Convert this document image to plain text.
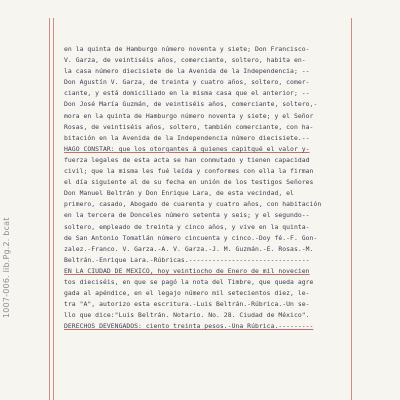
1007-006. lib.Pg.2. bcat
en la quinta de Hamburgo número noventa y siete; Don Francisco-
V. Garza, de veintiséis años, comerciante, soltero, habita en-
la casa número diecisiete de la Avenida de la Independencia; --
Don Agustín V. Garza, de treinta y cuatro años, soltero, comer-
ciante, y está domiciliado en la misma casa que el anterior; --
Don José María Guzmán, de veintiséis años, comerciante, soltero,-
mora en la quinta de Hamburgo número noventa y siete; y el Señor
Rosas, de veintiséis años, soltero, también comerciante, con ha-
bitación en la Avenida de la Independencia número diecisiete.--
HAGO CONSTAR: que los otorgantes á quienes capitqué el valor y-
fuerza legales de esta acta se han conmutado y tienen capacidad
civil; que la misma les fué leída y conformes con ella la firman
el día siguiente al de su fecha en unión de los testigos Señores
Don Manuel Beltrán y Don Enrique Lara, de esta vecindad, el
primero, casado, Abogado de cuarenta y cuatro años, con habitación
en la tercera de Donceles número setenta y seis; y el segundo--
soltero, empleado de treinta y cinco años, y vive en la quinta-
de San Antonio Tomatlán número cincuenta y cinco.-Doy fé.-F. Gon-
zalez.-Franco. V. Garza.-A. V. Garza.-J. M. Guzmán.-E. Rosas.-M.
Beltrán.-Enrique Lara.-Rúbricas.-------------------------------
EN LA CIUDAD DE MEXICO, hoy veintiocho de Enero de mil novecien
tos dieciséis, en que se pagó la nota del Timbre, que queda agre
gada al apéndice, en el legajo número mil setecientos diez, le-
tra "A", autorizo esta escritura.-Luis Beltrán.-Rúbrica.-Un se-
llo que dice:"Luis Beltrán. Notario. No. 28. Ciudad de México".
DERECHOS DEVENGADOS: ciento treinta pesos.-Una Rúbrica.---------
